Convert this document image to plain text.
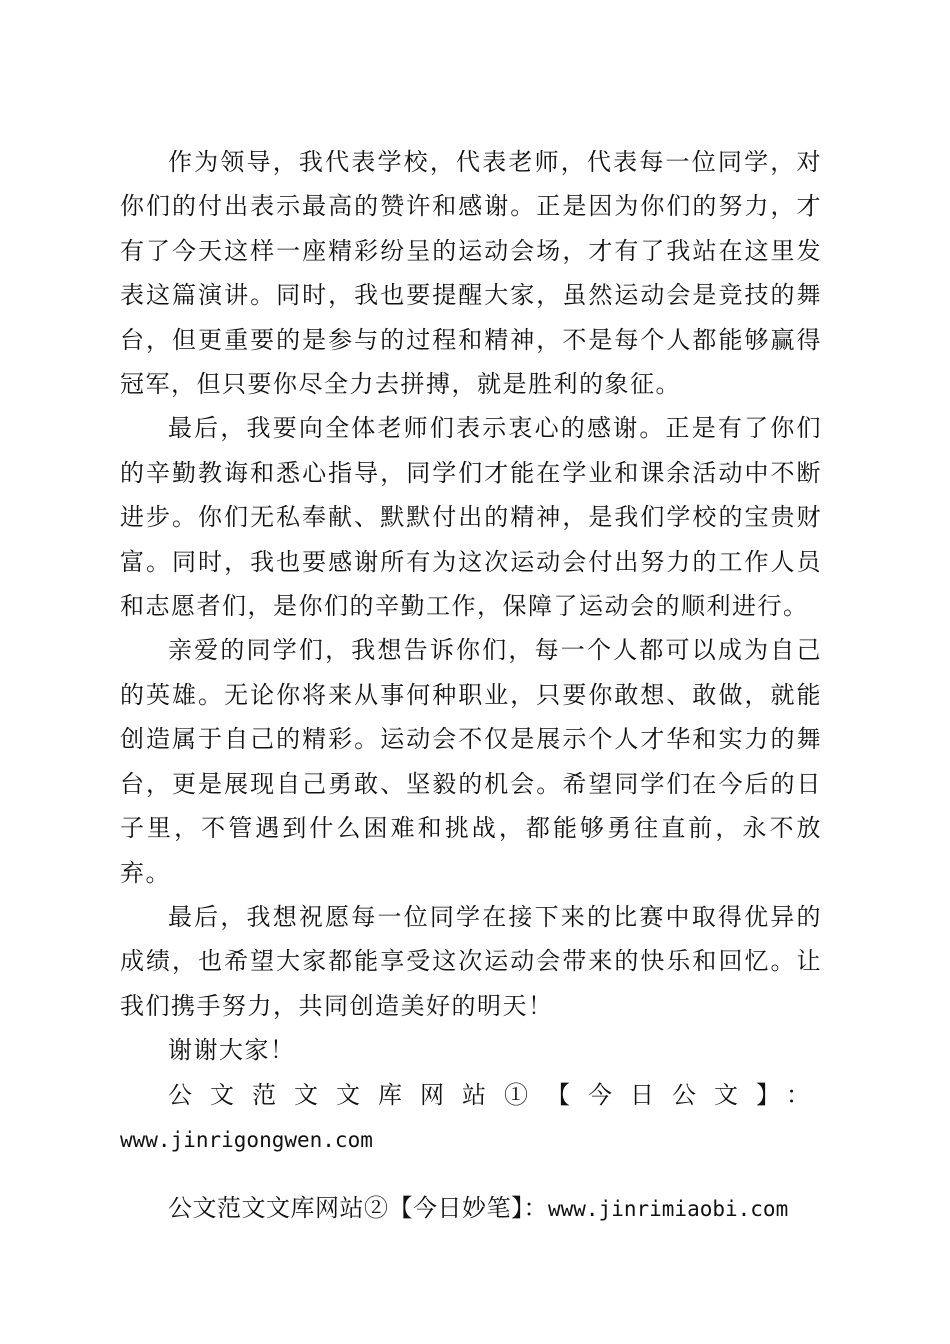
作为领导，我代表学校，代表老师，代表每一位同学，对你们的付出表示最高的赞许和感谢。正是因为你们的努力，才有了今天这样一座精彩纷呈的运动会场，才有了我站在这里发表这篇演讲。同时，我也要提醒大家，虽然运动会是竞技的舞台，但更重要的是参与的过程和精神，不是每个人都能够赢得冠军，但只要你尽全力去拼搏，就是胜利的象征。

最后，我要向全体老师们表示衷心的感谢。正是有了你们的辛勤教诲和悉心指导，同学们才能在学业和课余活动中不断进步。你们无私奉献、默默付出的精神，是我们学校的宝贵财富。同时，我也要感谢所有为这次运动会付出努力的工作人员和志愿者们，是你们的辛勤工作，保障了运动会的顺利进行。

亲爱的同学们，我想告诉你们，每一个人都可以成为自己的英雄。无论你将来从事何种职业，只要你敢想、敢做，就能创造属于自己的精彩。运动会不仅是展示个人才华和实力的舞台，更是展现自己勇敢、坚毅的机会。希望同学们在今后的日子里，不管遇到什么困难和挑战，都能够勇往直前，永不放弃。

最后，我想祝愿每一位同学在接下来的比赛中取得优异的成绩，也希望大家都能享受这次运动会带来的快乐和回忆。让我们携手努力，共同创造美好的明天！

谢谢大家！

公文范文文库网站①【今日公文】： www.jinrigongwen.com

公文范文文库网站②【今日妙笔】：www.jinrimiaobi.com
